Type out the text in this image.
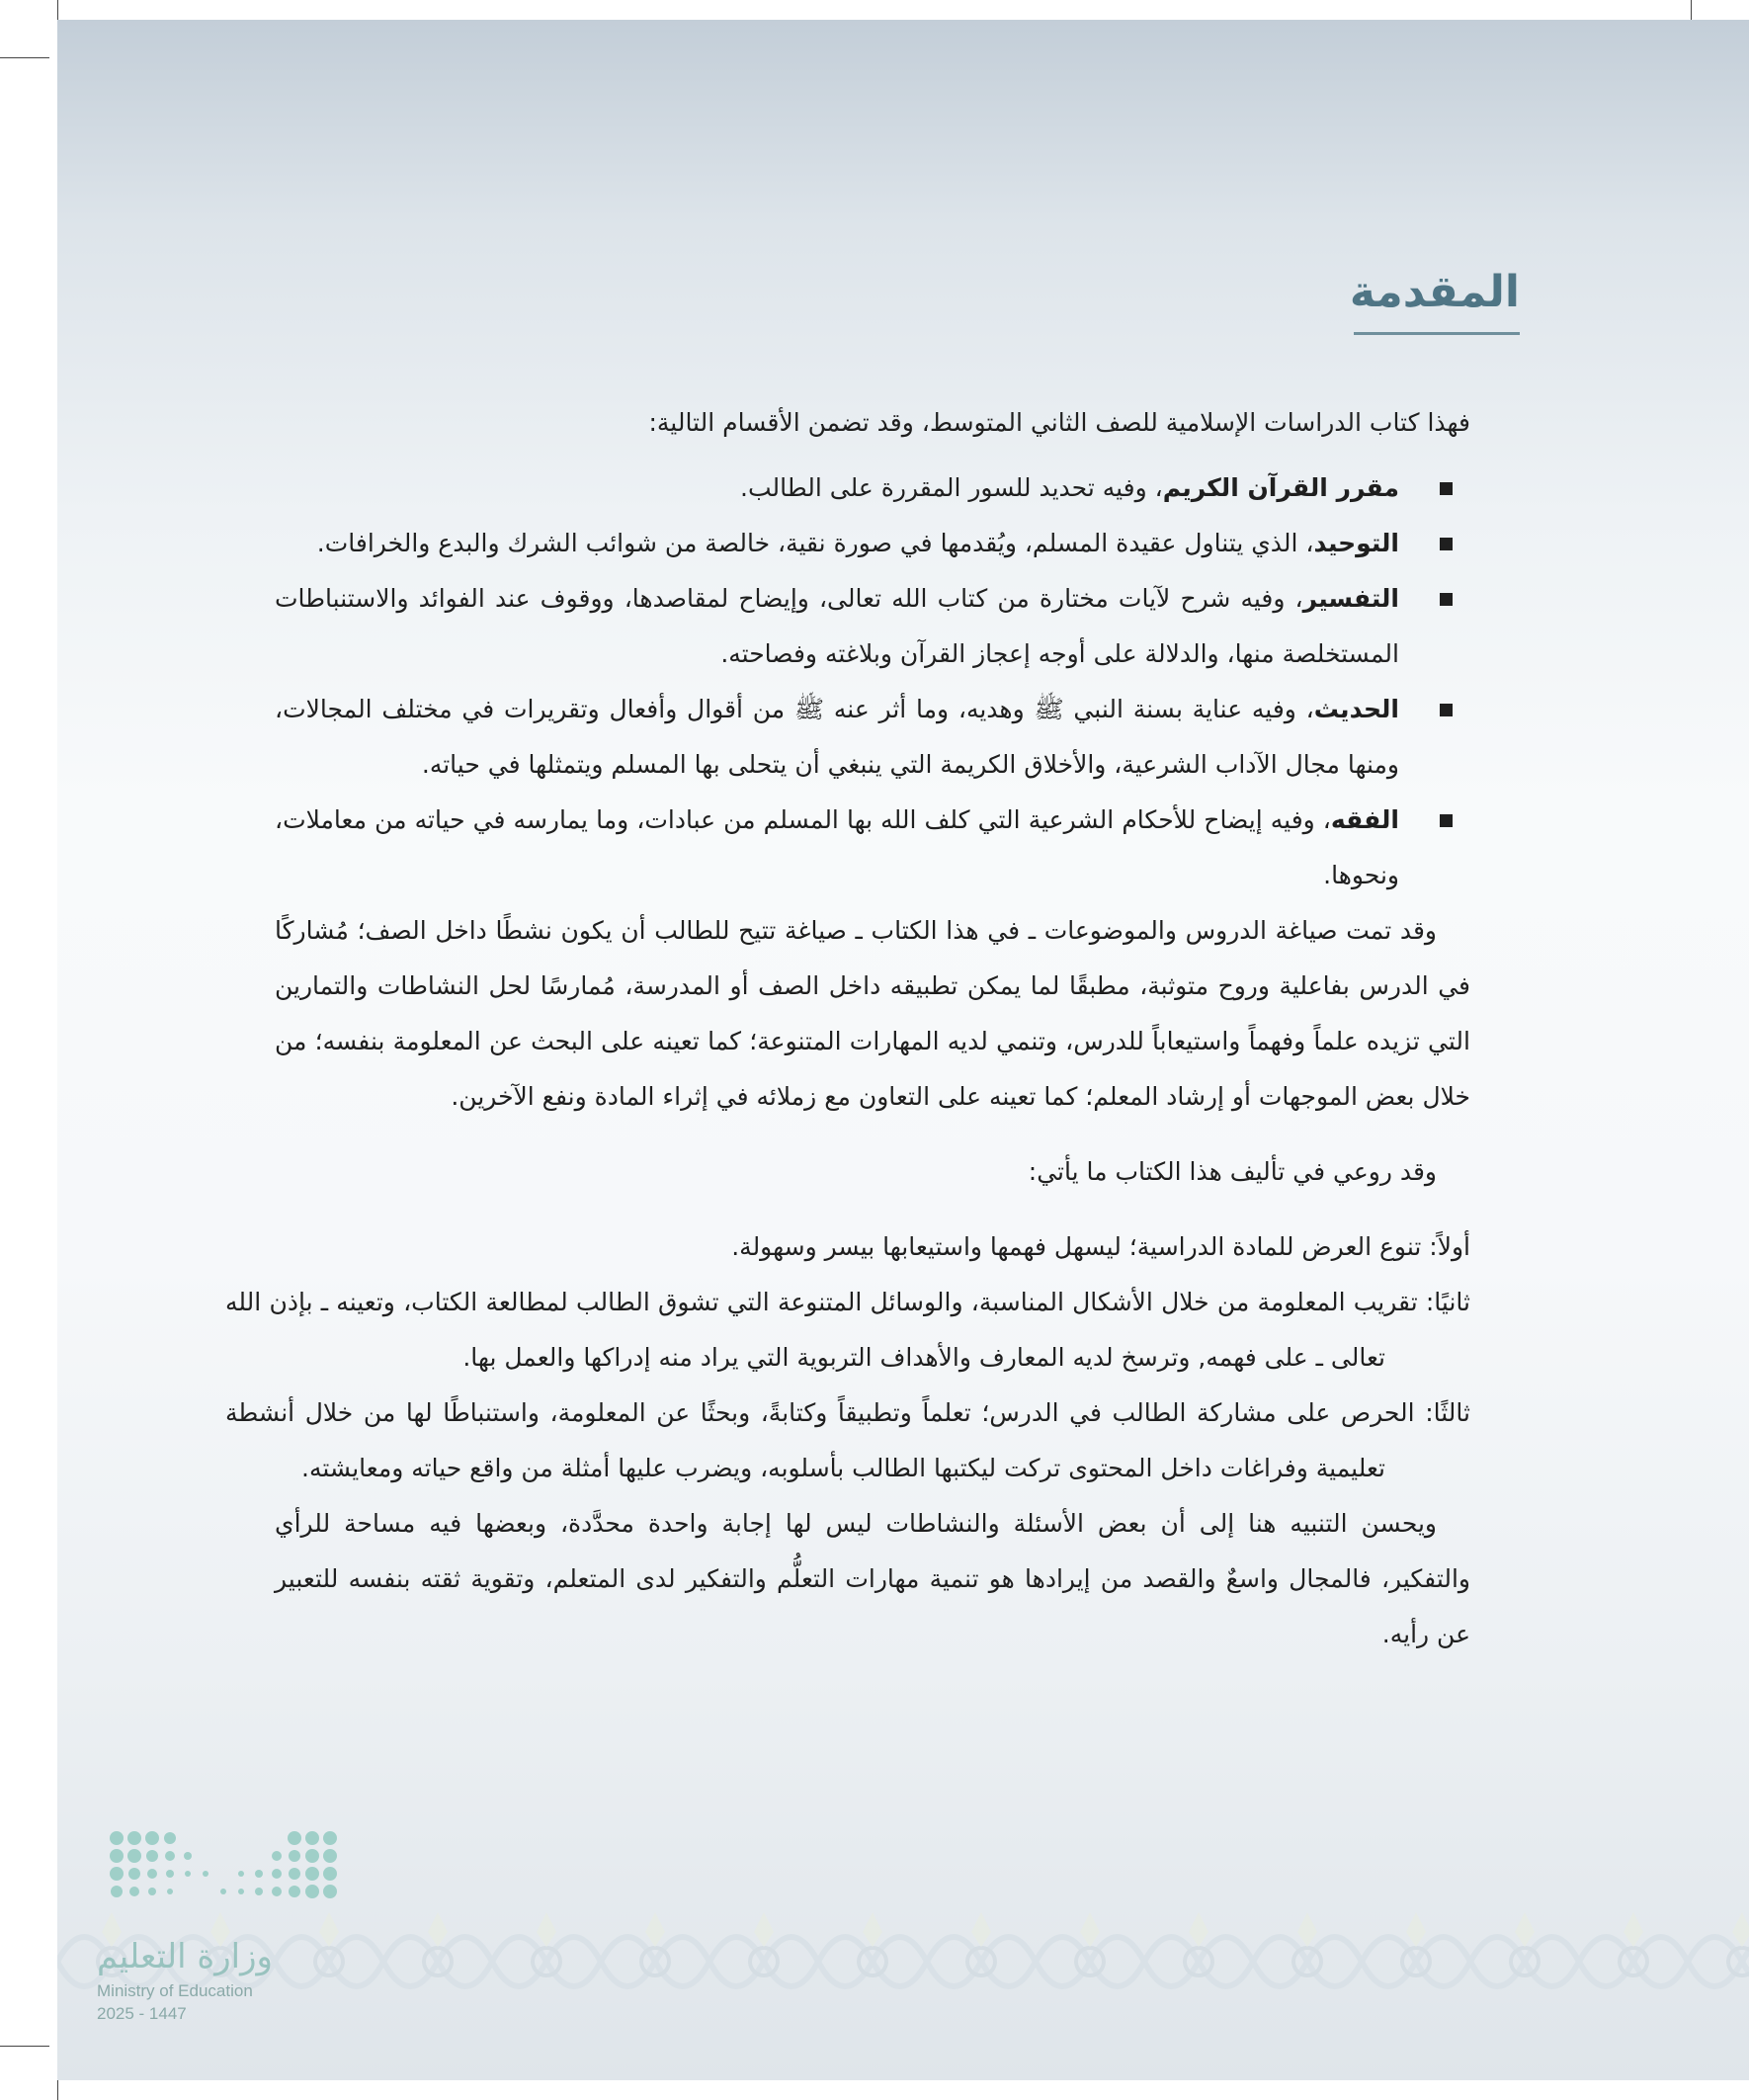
المقدمة

فهذا كتاب الدراسات الإسلامية للصف الثاني المتوسط، وقد تضمن الأقسام التالية:

مقرر القرآن الكريم، وفيه تحديد للسور المقررة على الطالب.
التوحيد، الذي يتناول عقيدة المسلم، ويُقدمها في صورة نقية، خالصة من شوائب الشرك والبدع والخرافات.
التفسير، وفيه شرح لآيات مختارة من كتاب الله تعالى، وإيضاح لمقاصدها، ووقوف عند الفوائد والاستنباطات المستخلصة منها، والدلالة على أوجه إعجاز القرآن وبلاغته وفصاحته.
الحديث، وفيه عناية بسنة النبي ﷺ وهديه، وما أثر عنه ﷺ من أقوال وأفعال وتقريرات في مختلف المجالات، ومنها مجال الآداب الشرعية، والأخلاق الكريمة التي ينبغي أن يتحلى بها المسلم ويتمثلها في حياته.
الفقه، وفيه إيضاح للأحكام الشرعية التي كلف الله بها المسلم من عبادات، وما يمارسه في حياته من معاملات، ونحوها.

وقد تمت صياغة الدروس والموضوعات ـ في هذا الكتاب ـ صياغة تتيح للطالب أن يكون نشطًا داخل الصف؛ مُشاركًا في الدرس بفاعلية وروح متوثبة، مطبقًا لما يمكن تطبيقه داخل الصف أو المدرسة، مُمارسًا لحل النشاطات والتمارين التي تزيده علماً وفهماً واستيعاباً للدرس، وتنمي لديه المهارات المتنوعة؛ كما تعينه على البحث عن المعلومة بنفسه؛ من خلال بعض الموجهات أو إرشاد المعلم؛ كما تعينه على التعاون مع زملائه في إثراء المادة ونفع الآخرين.

وقد روعي في تأليف هذا الكتاب ما يأتي:

أولاً: تنوع العرض للمادة الدراسية؛ ليسهل فهمها واستيعابها بيسر وسهولة.

ثانيًا: تقريب المعلومة من خلال الأشكال المناسبة، والوسائل المتنوعة التي تشوق الطالب لمطالعة الكتاب، وتعينه ـ بإذن الله تعالى ـ على فهمه, وترسخ لديه المعارف والأهداف التربوية التي يراد منه إدراكها والعمل بها.

ثالثًا: الحرص على مشاركة الطالب في الدرس؛ تعلماً وتطبيقاً وكتابةً، وبحثًا عن المعلومة، واستنباطًا لها من خلال أنشطة تعليمية وفراغات داخل المحتوى تركت ليكتبها الطالب بأسلوبه، ويضرب عليها أمثلة من واقع حياته ومعايشته.

ويحسن التنبيه هنا إلى أن بعض الأسئلة والنشاطات ليس لها إجابة واحدة محدَّدة، وبعضها فيه مساحة للرأي والتفكير، فالمجال واسعٌ والقصد من إيرادها هو تنمية مهارات التعلُّم والتفكير لدى المتعلم، وتقوية ثقته بنفسه للتعبير عن رأيه.

وزارة التعليم
Ministry of Education
2025 - 1447
